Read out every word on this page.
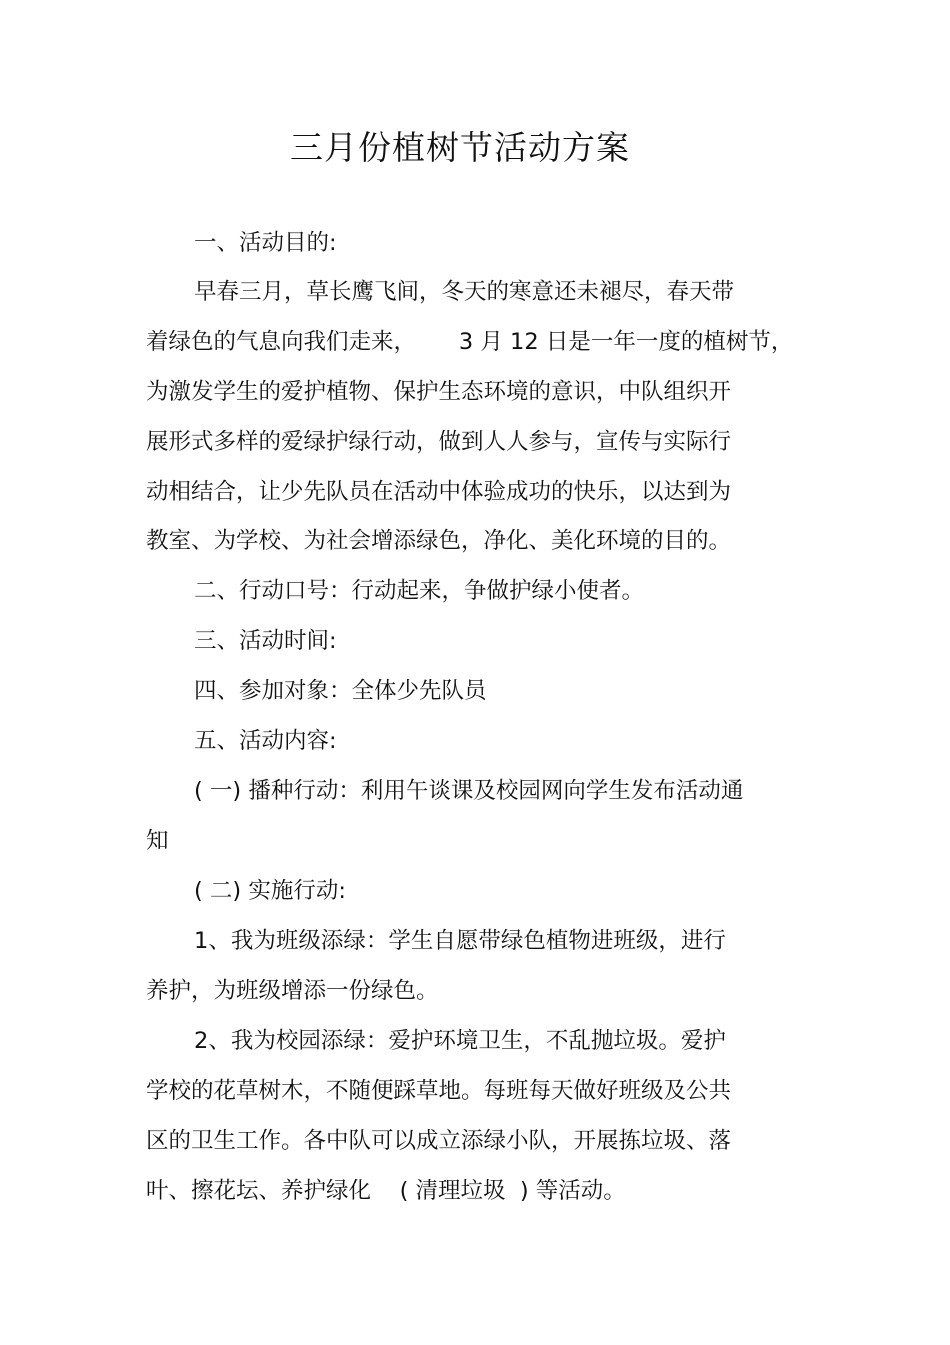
三月份植树节活动方案

一、活动目的:

早春三月，草长鹰飞间，冬天的寒意还未褪尽，春天带

着绿色的气息向我们走来，      3 月 12 日是一年一度的植树节，

为激发学生的爱护植物、保护生态环境的意识，中队组织开

展形式多样的爱绿护绿行动，做到人人参与，宣传与实际行

动相结合，让少先队员在活动中体验成功的快乐，以达到为

教室、为学校、为社会增添绿色，净化、美化环境的目的。

二、行动口号：行动起来，争做护绿小使者。

三、活动时间:

四、参加对象：全体少先队员

五、活动内容:

( 一) 播种行动：利用午谈课及校园网向学生发布活动通

知

( 二) 实施行动:

1、我为班级添绿：学生自愿带绿色植物进班级，进行

养护，为班级增添一份绿色。

2、我为校园添绿：爱护环境卫生，不乱抛垃圾。爱护

学校的花草树木，不随便踩草地。每班每天做好班级及公共

区的卫生工作。各中队可以成立添绿小队，开展拣垃圾、落

叶、擦花坛、养护绿化    ( 清理垃圾  ) 等活动。
